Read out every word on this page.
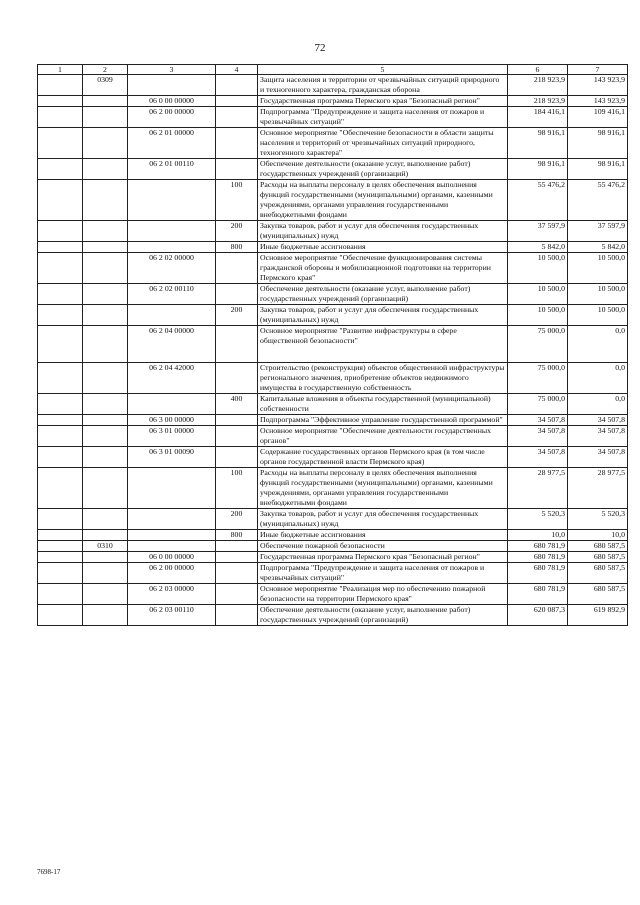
72
1	2	3	4	5	6	7
	0309			Защита населения и территории от чрезвычайных ситуаций природного и техногенного характера, гражданская оборона	218 923,9	143 923,9
		06 0 00 00000		Государственная программа Пермского края "Безопасный регион"	218 923,9	143 923,9
		06 2 00 00000		Подпрограмма "Предупреждение и защита населения от пожаров и чрезвычайных ситуаций"	184 416,1	109 416,1
		06 2 01 00000		Основное мероприятие "Обеспечение безопасности в области защиты населения и территорий от чрезвычайных ситуаций природного, техногенного характера"	98 916,1	98 916,1
		06 2 01 00110		Обеспечение деятельности (оказание услуг, выполнение работ) государственных учреждений (организаций)	98 916,1	98 916,1
			100	Расходы на выплаты персоналу в целях обеспечения выполнения функций государственными (муниципальными) органами, казенными учреждениями, органами управления государственными внебюджетными фондами	55 476,2	55 476,2
			200	Закупка товаров, работ и услуг для обеспечения государственных (муниципальных) нужд	37 597,9	37 597,9
			800	Иные бюджетные ассигнования	5 842,0	5 842,0
		06 2 02 00000		Основное мероприятие "Обеспечение функционирования системы гражданской обороны и мобилизационной подготовки на территории Пермского края"	10 500,0	10 500,0
		06 2 02 00110		Обеспечение деятельности (оказание услуг, выполнение работ) государственных учреждений (организаций)	10 500,0	10 500,0
			200	Закупка товаров, работ и услуг для обеспечения государственных (муниципальных) нужд	10 500,0	10 500,0
		06 2 04 00000		Основное мероприятие "Развитие инфраструктуры в сфере общественной безопасности"	75 000,0	0,0
		06 2 04 42000		Строительство (реконструкция) объектов общественной инфраструктуры регионального значения, приобретение объектов недвижимого имущества в государственную собственность	75 000,0	0,0
			400	Капитальные вложения в объекты государственной (муниципальной) собственности	75 000,0	0,0
		06 3 00 00000		Подпрограмма "Эффективное управление государственной программой"	34 507,8	34 507,8
		06 3 01 00000		Основное мероприятие "Обеспечение деятельности государственных органов"	34 507,8	34 507,8
		06 3 01 00090		Содержание государственных органов Пермского края (в том числе органов государственной власти Пермского края)	34 507,8	34 507,8
			100	Расходы на выплаты персоналу в целях обеспечения выполнения функций государственными (муниципальными) органами, казенными учреждениями, органами управления государственными внебюджетными фондами	28 977,5	28 977,5
			200	Закупка товаров, работ и услуг для обеспечения государственных (муниципальных) нужд	5 520,3	5 520,3
			800	Иные бюджетные ассигнования	10,0	10,0
	0310			Обеспечение пожарной безопасности	680 781,9	680 587,5
		06 0 00 00000		Государственная программа Пермского края "Безопасный регион"	680 781,9	680 587,5
		06 2 00 00000		Подпрограмма "Предупреждение и защита населения от пожаров и чрезвычайных ситуаций"	680 781,9	680 587,5
		06 2 03 00000		Основное мероприятие "Реализация мер по обеспечению пожарной безопасности на территории Пермского края"	680 781,9	680 587,5
		06 2 03 00110		Обеспечение деятельности (оказание услуг, выполнение работ) государственных учреждений (организаций)	620 087,3	619 892,9
7698-17
